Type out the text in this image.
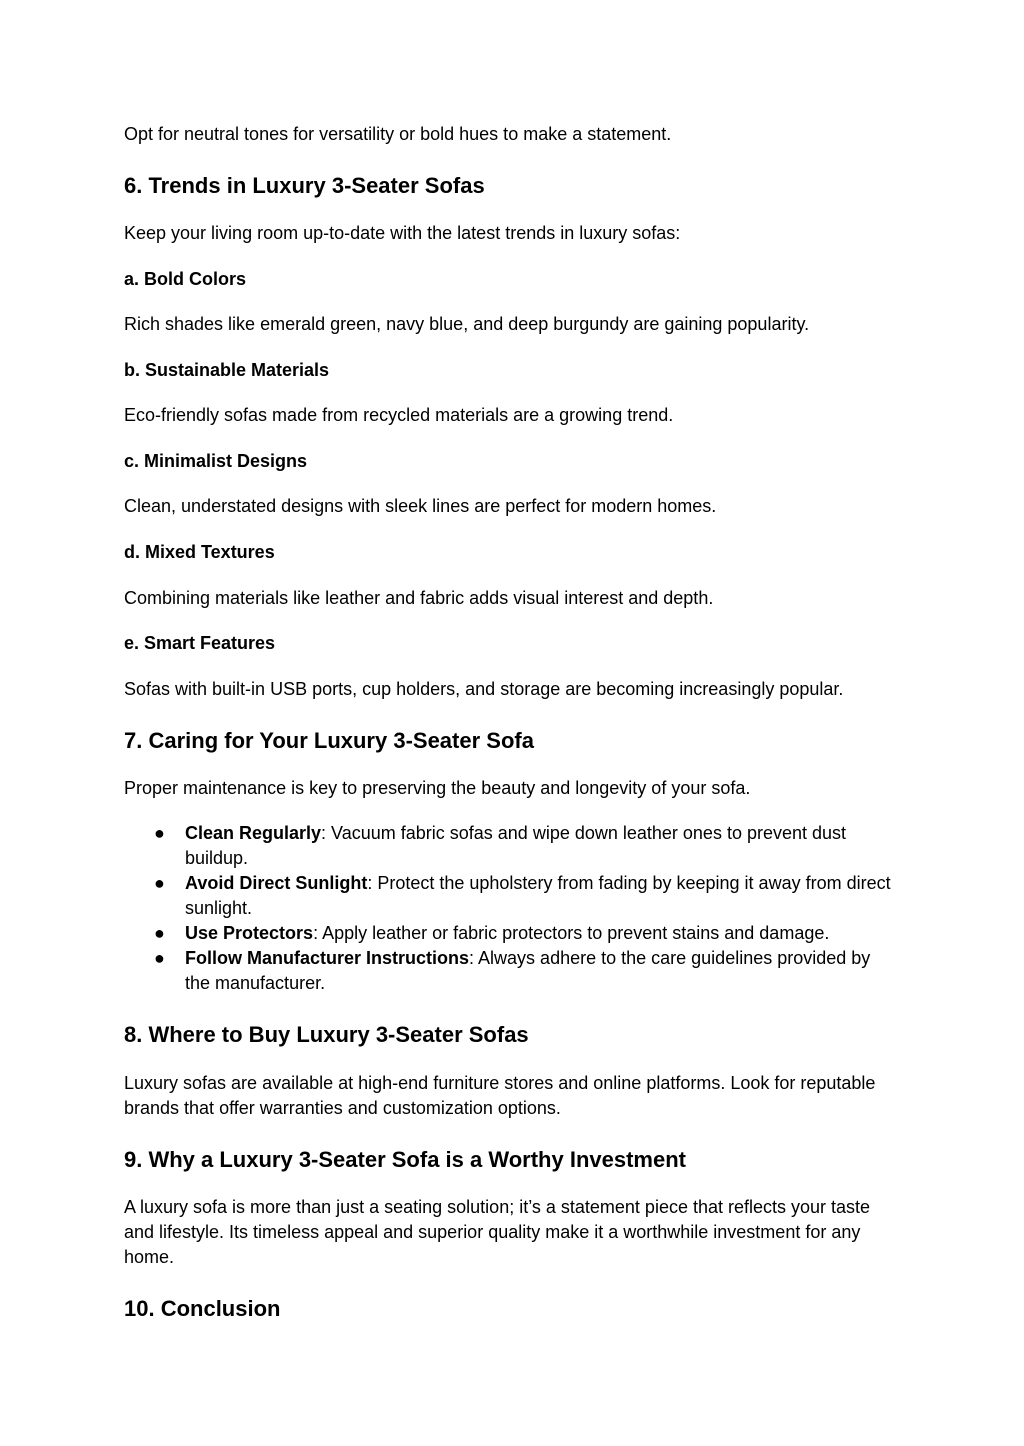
Opt for neutral tones for versatility or bold hues to make a statement.

6. Trends in Luxury 3-Seater Sofas

Keep your living room up-to-date with the latest trends in luxury sofas:

a. Bold Colors

Rich shades like emerald green, navy blue, and deep burgundy are gaining popularity.

b. Sustainable Materials

Eco-friendly sofas made from recycled materials are a growing trend.

c. Minimalist Designs

Clean, understated designs with sleek lines are perfect for modern homes.

d. Mixed Textures

Combining materials like leather and fabric adds visual interest and depth.

e. Smart Features

Sofas with built-in USB ports, cup holders, and storage are becoming increasingly popular.

7. Caring for Your Luxury 3-Seater Sofa

Proper maintenance is key to preserving the beauty and longevity of your sofa.

● Clean Regularly: Vacuum fabric sofas and wipe down leather ones to prevent dust buildup.
● Avoid Direct Sunlight: Protect the upholstery from fading by keeping it away from direct sunlight.
● Use Protectors: Apply leather or fabric protectors to prevent stains and damage.
● Follow Manufacturer Instructions: Always adhere to the care guidelines provided by the manufacturer.
8. Where to Buy Luxury 3-Seater Sofas

Luxury sofas are available at high-end furniture stores and online platforms. Look for reputable brands that offer warranties and customization options.

9. Why a Luxury 3-Seater Sofa is a Worthy Investment

A luxury sofa is more than just a seating solution; it’s a statement piece that reflects your taste and lifestyle. Its timeless appeal and superior quality make it a worthwhile investment for any home.

10. Conclusion
